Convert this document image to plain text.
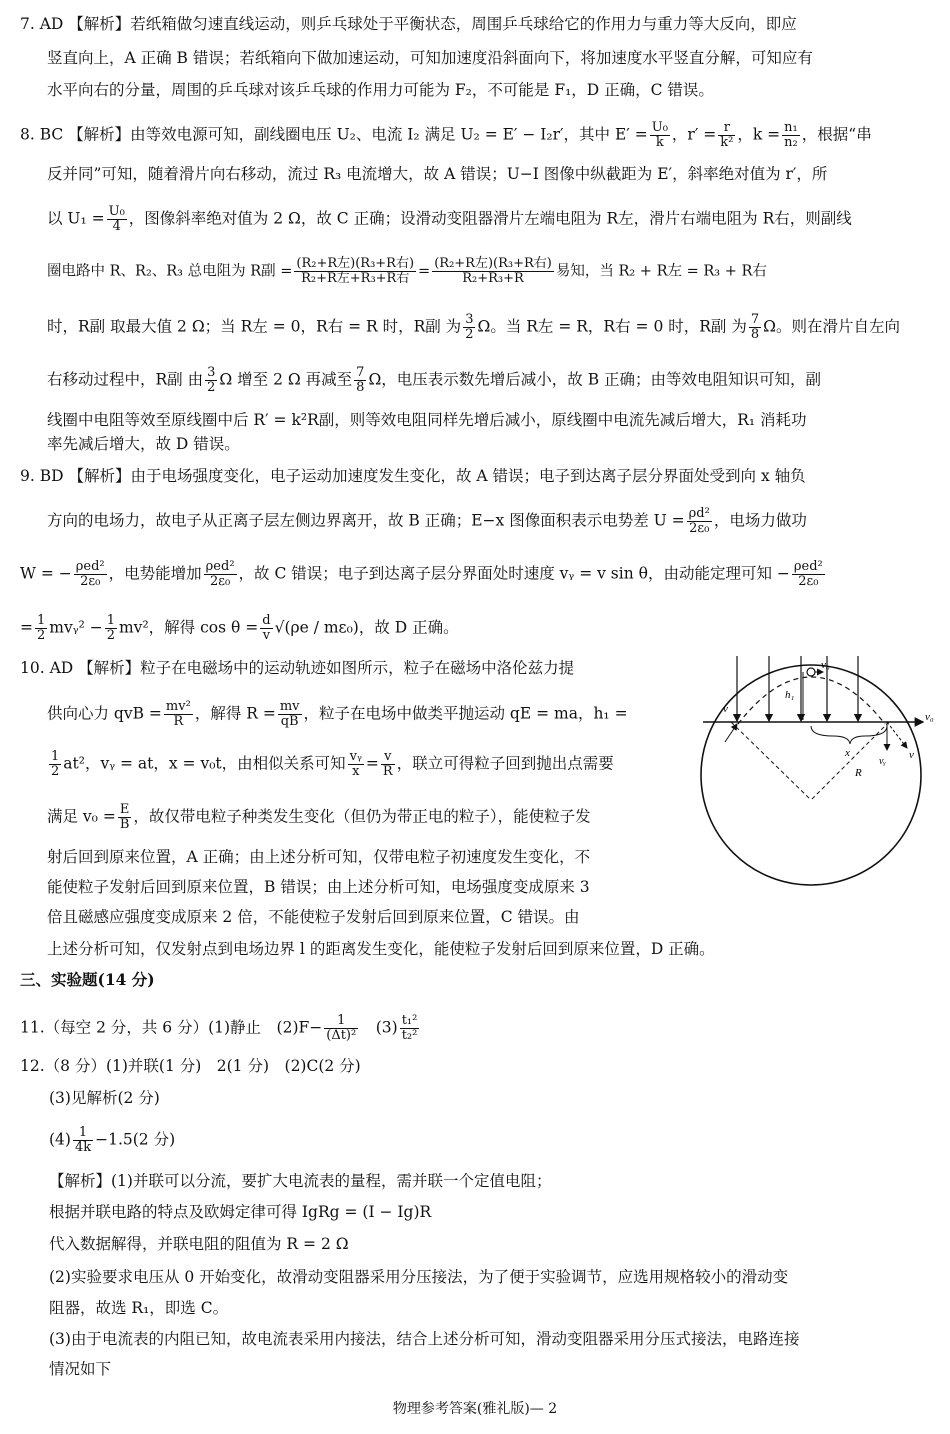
7. AD 【解析】若纸箱做匀速直线运动，则乒乓球处于平衡状态，周围乒乓球给它的作用力与重力等大反向，即应
竖直向上，A 正确 B 错误；若纸箱向下做加速运动，可知加速度沿斜面向下，将加速度水平竖直分解，可知应有
水平向右的分量，周围的乒乓球对该乒乓球的作用力可能为 F₂，不可能是 F₁，D 正确，C 错误。
8. BC 【解析】由等效电源可知，副线圈电压 U₂、电流 I₂ 满足 U₂ = E′ − I₂r′，其中 $E' = \frac{\text{U₀}}{k}$ ，$r' = \frac{r}{\text{k²}}$ ，$k = \frac{\text{n₁}}{\text{n₂}}$ ，根据“串
反并同”可知，随着滑片向右移动，流过 R₃ 电流增大，故 A 错误；U−I 图像中纵截距为 E′，斜率绝对值为 r′，所
以 $U_1 = \frac{\text{U₀}}{4}$ ，图像斜率绝对值为 2 Ω，故 C 正确；设滑动变阻器滑片左端电阻为 R左，滑片右端电阻为 R右，则副线
圈电路中 R、R₂、R₃ 总电阻为 R副 = $\frac{\text{(R₂+R左)(R₃+R右)}}{\text{R₂+R左+R₃+R右}} = \frac{\text{(R₂+R左)(R₃+R右)}}{\text{R₂+R₃+R}}$ 易知，当 R₂ + R左 = R₃ + R右
时，R副 取最大值 2 Ω；当 R左 = 0，R右 = R 时，R副 为 $\frac{3}{2}$ Ω。当 R左 = R，R右 = 0 时，R副 为 $\frac{7}{8}$ Ω。则在滑片自左向
右移动过程中，R副 由 $\frac{3}{2}$ Ω 增至 2 Ω 再减至 $\frac{7}{8}$ Ω，电压表示数先增后减小，故 B 正确；由等效电阻知识可知，副
线圈中电阻等效至原线圈中后 R′ = k²R副，则等效电阻同样先增后减小，原线圈中电流先减后增大，R₁ 消耗功
率先减后增大，故 D 错误。
9. BD 【解析】由于电场强度变化，电子运动加速度发生变化，故 A 错误；电子到达离子层分界面处受到向 x 轴负
方向的电场力，故电子从正离子层左侧边界离开，故 B 正确；E−x 图像面积表示电势差 $U = \frac{\text{ρd²}}{\text{2ε₀}}$ ，电场力做功
W = − $\frac{\text{ρed²}}{\text{2ε₀}}$ ，电势能增加 $\frac{\text{ρed²}}{\text{2ε₀}}$ ，故 C 错误；电子到达离子层分界面处时速度 vᵧ = v sin θ，由动能定理可知 − $\frac{\text{ρed²}}{\text{2ε₀}}$
= $\frac{1}{2}$ mvᵧ² − $\frac{1}{2} mv^2$，解得 $\cos \theta = \frac{d}{v} √(\rho e / m\varepsilon_0)$，故 D 正确。
10. AD 【解析】粒子在电磁场中的运动轨迹如图所示，粒子在磁场中洛伦兹力提
供向心力 qvB = $\frac{\text{mv²}}{R}$ ，解得 $R = \frac{mv}{qB}$ ，粒子在电场中做类平抛运动 qE = ma，h₁ =
$\frac{1}{2} at^2$，vᵧ = at，x = v₀t，由相似关系可知 $\frac{\text{vᵧ}}{x} = \frac{v}{R}$ ，联立可得粒子回到抛出点需要
满足 $v_0 = \frac{E}{B}$ ，故仅带电粒子种类发生变化（但仍为带正电的粒子），能使粒子发
射后回到原来位置，A 正确；由上述分析可知，仅带电粒子初速度发生变化，不
能使粒子发射后回到原来位置，B 错误；由上述分析可知，电场强度变成原来 3
倍且磁感应强度变成原来 2 倍，不能使粒子发射后回到原来位置，C 错误。由
上述分析可知，仅发射点到电场边界 l 的距离发生变化，能使粒子发射后回到原来位置，D 正确。
v₀
v₀
v
h₁
x
R
vᵧ
v
三、实验题(14 分)
11.（每空 2 分，共 6 分）(1)静止　$(2)F- \frac{1}{\text{(Δt)²}}$ 　$(3) \frac{\text{t₁²}}{\text{t₂²}}$
12.（8 分）(1)并联(1 分)　2(1 分)　(2)C(2 分)
(3)见解析(2 分)
$(4) \frac{1}{4k} -1.5(2$ 分)
【解析】(1)并联可以分流，要扩大电流表的量程，需并联一个定值电阻；
根据并联电路的特点及欧姆定律可得 IgRg = (I − Ig)R
代入数据解得，并联电阻的阻值为 R = 2 Ω
(2)实验要求电压从 0 开始变化，故滑动变阻器采用分压接法，为了便于实验调节，应选用规格较小的滑动变
阻器，故选 R₁，即选 C。
(3)由于电流表的内阻已知，故电流表采用内接法，结合上述分析可知，滑动变阻器采用分压式接法，电路连接
情况如下
物理参考答案(雅礼版)— 2
